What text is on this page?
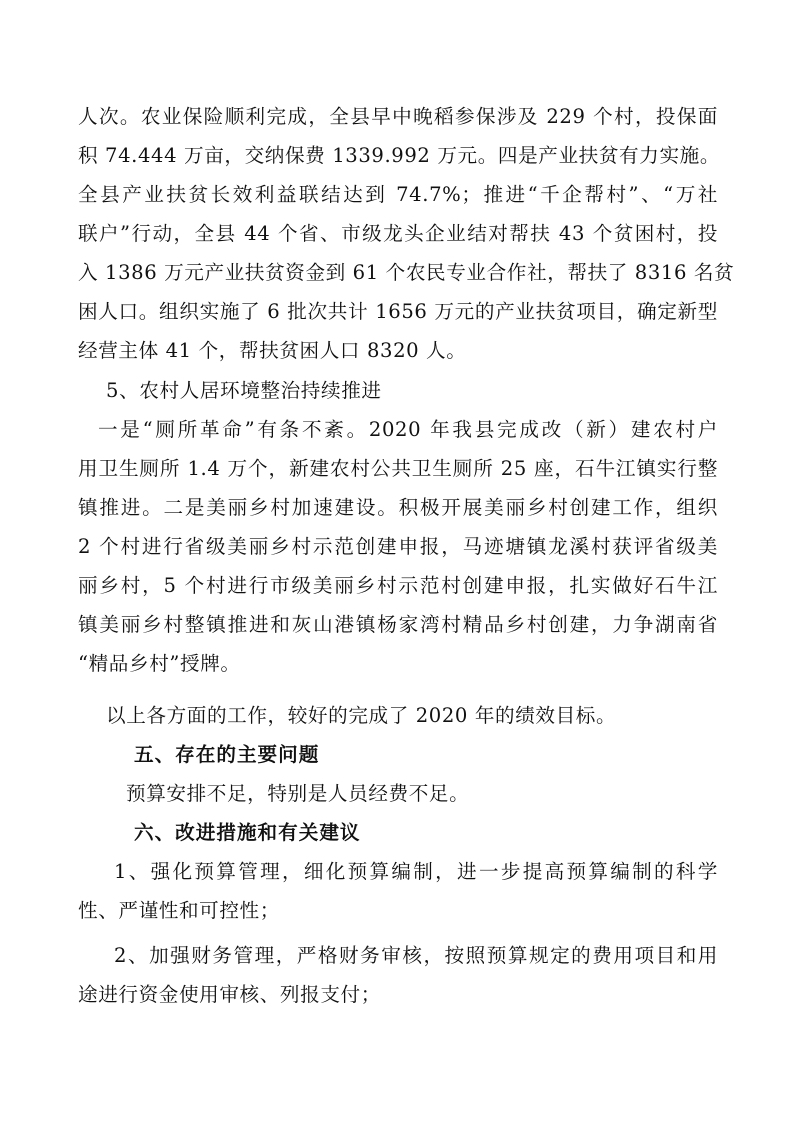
人次。农业保险顺利完成，全县早中晚稻参保涉及 229 个村，投保面
积 74.444 万亩，交纳保费 1339.992 万元。四是产业扶贫有力实施。
全县产业扶贫长效利益联结达到 74.7%；推进“千企帮村”、“万社
联户”行动，全县 44 个省、市级龙头企业结对帮扶 43 个贫困村，投
入 1386 万元产业扶贫资金到 61 个农民专业合作社，帮扶了 8316 名贫
困人口。组织实施了 6 批次共计 1656 万元的产业扶贫项目，确定新型
经营主体 41 个，帮扶贫困人口 8320 人。
5、农村人居环境整治持续推进
一是“厕所革命”有条不紊。2020 年我县完成改（新）建农村户
用卫生厕所 1.4 万个，新建农村公共卫生厕所 25 座，石牛江镇实行整
镇推进。二是美丽乡村加速建设。积极开展美丽乡村创建工作，组织
2 个村进行省级美丽乡村示范创建申报，马迹塘镇龙溪村获评省级美
丽乡村，5 个村进行市级美丽乡村示范村创建申报，扎实做好石牛江
镇美丽乡村整镇推进和灰山港镇杨家湾村精品乡村创建，力争湖南省
“精品乡村”授牌。
以上各方面的工作，较好的完成了 2020 年的绩效目标。
五、存在的主要问题
预算安排不足，特别是人员经费不足。
六、改进措施和有关建议
1、强化预算管理，细化预算编制，进一步提高预算编制的科学
性、严谨性和可控性；
2、加强财务管理，严格财务审核，按照预算规定的费用项目和用
途进行资金使用审核、列报支付；
